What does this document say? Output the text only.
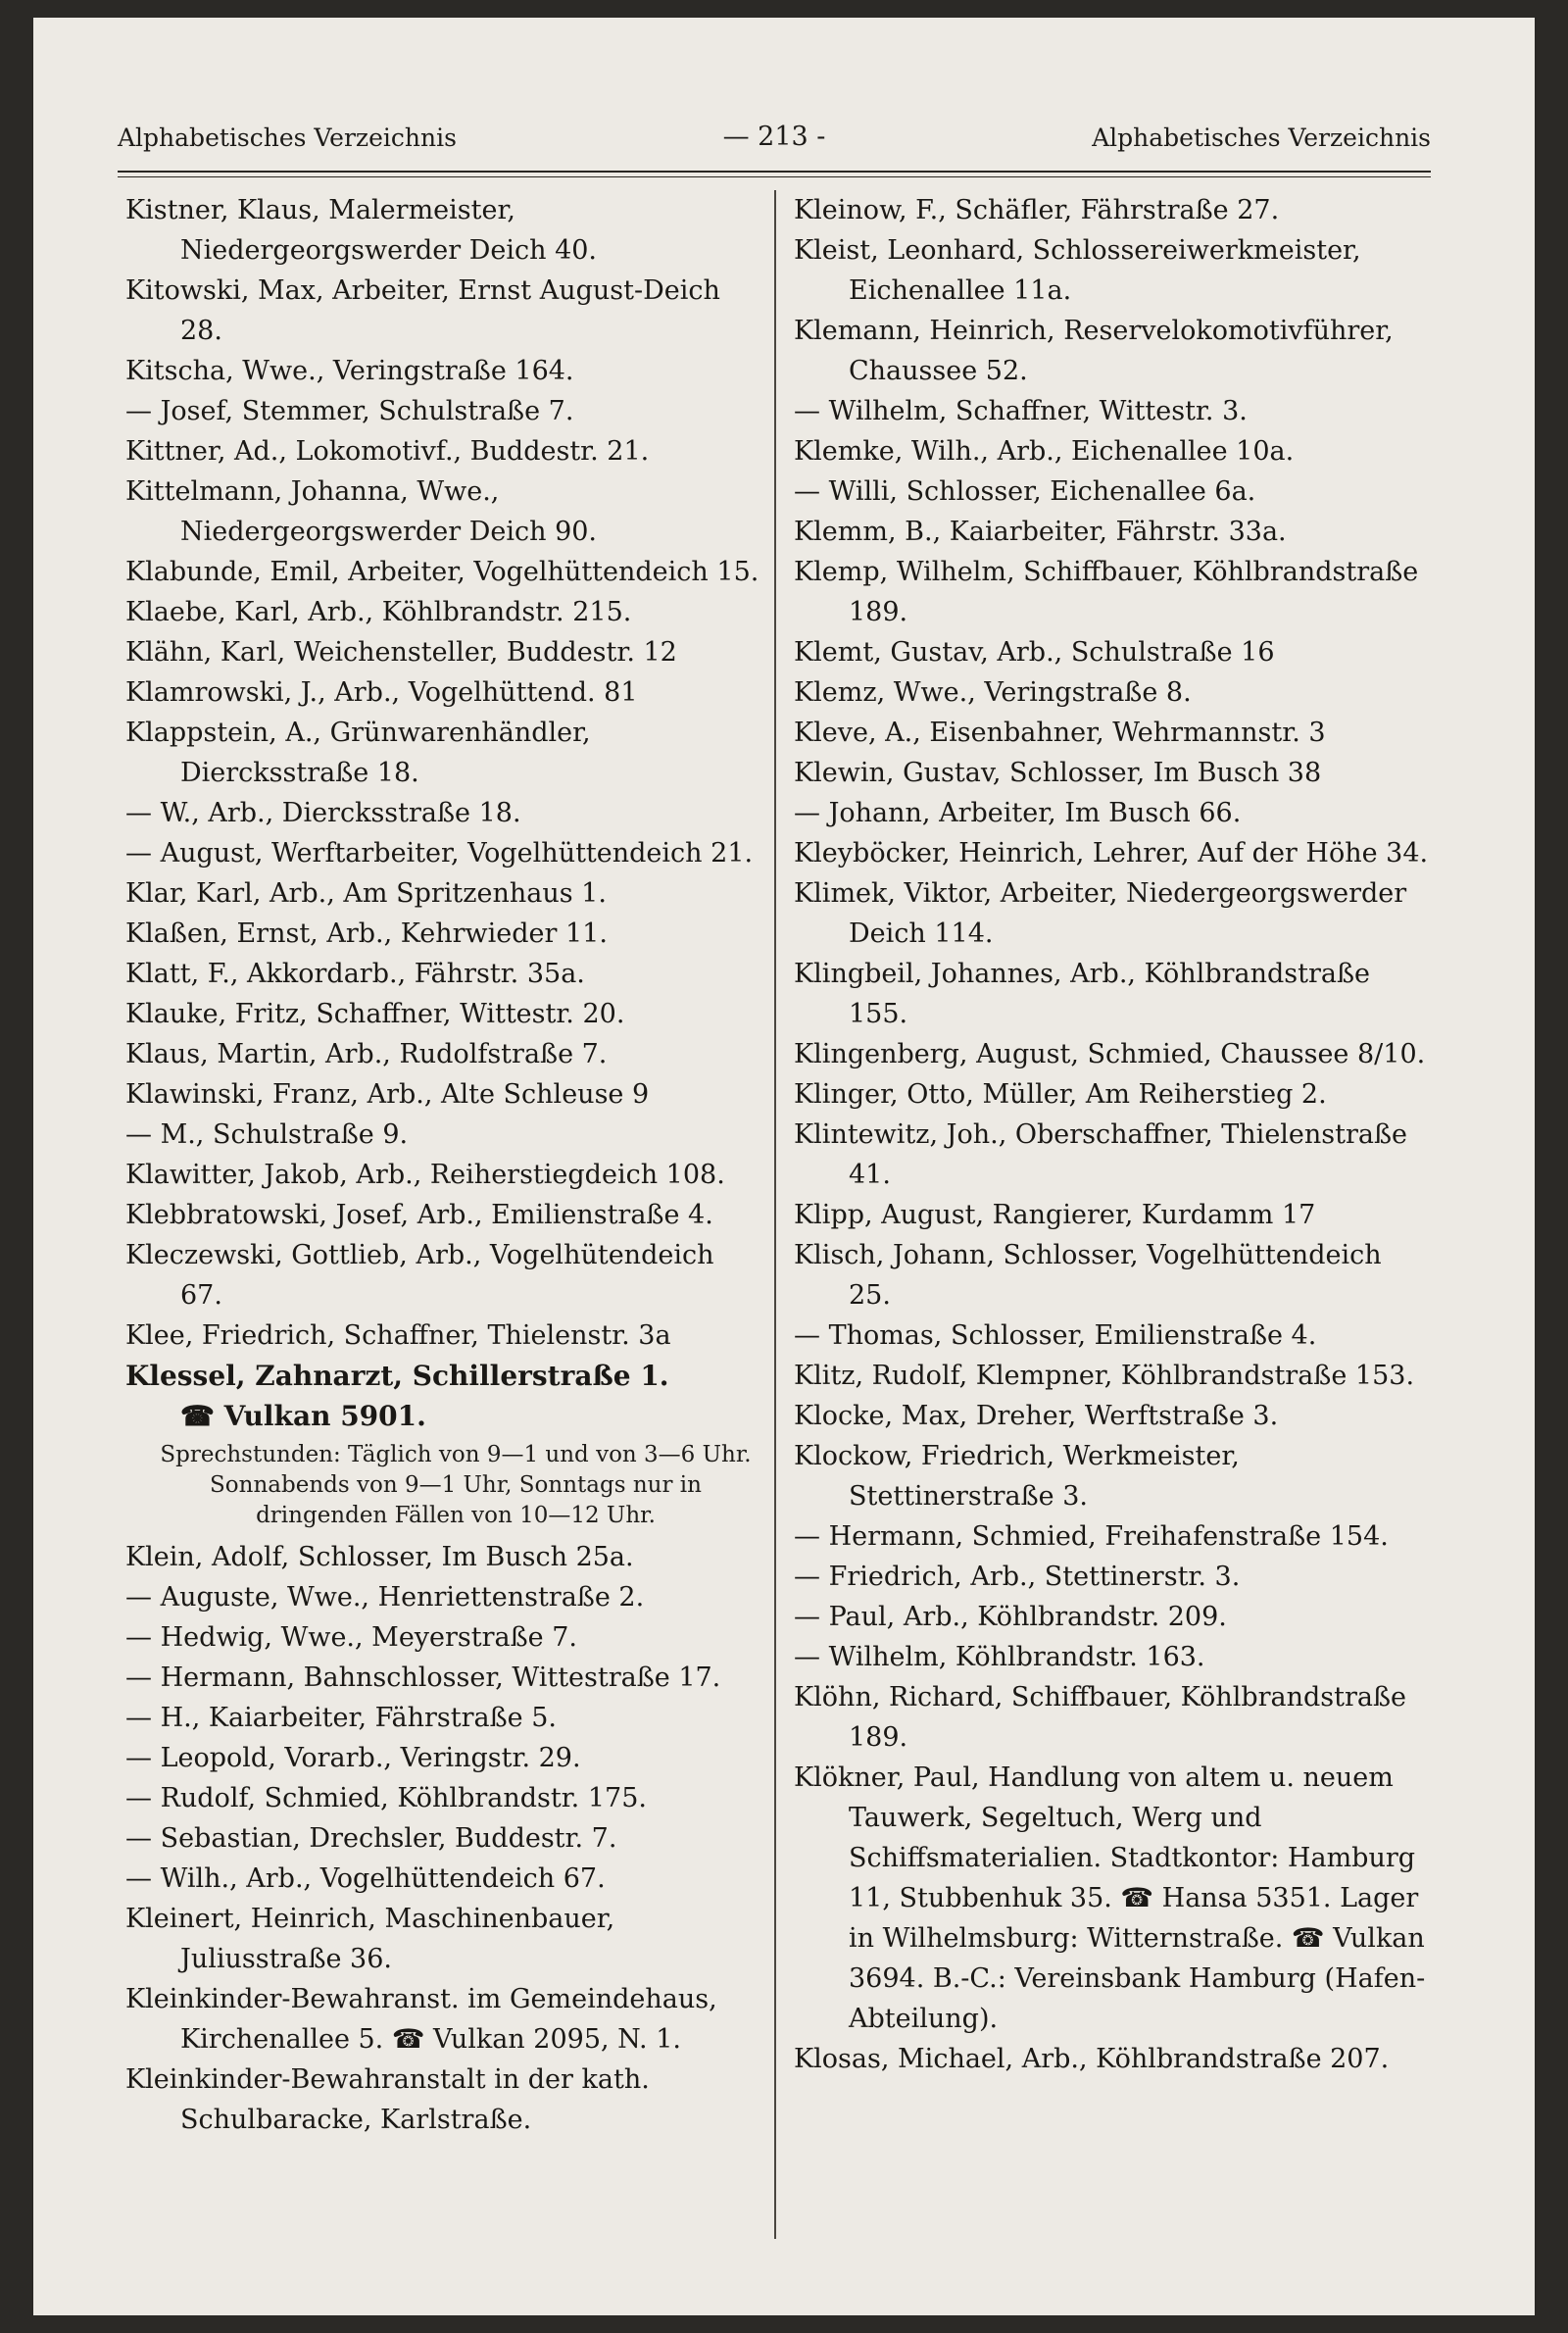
Alphabetisches Verzeichnis	— 213 -	Alphabetisches Verzeichnis

Kistner, Klaus, Malermeister, Niedergeorgswerder Deich 40.

Kitowski, Max, Arbeiter, Ernst August-Deich 28.

Kitscha, Wwe., Veringstraße 164.

— Josef, Stemmer, Schulstraße 7.

Kittner, Ad., Lokomotivf., Buddestr. 21.

Kittelmann, Johanna, Wwe., Niedergeorgswerder Deich 90.

Klabunde, Emil, Arbeiter, Vogelhüttendeich 15.

Klaebe, Karl, Arb., Köhlbrandstr. 215.

Klähn, Karl, Weichensteller, Buddestr. 12

Klamrowski, J., Arb., Vogelhüttend. 81

Klappstein, A., Grünwarenhändler, Diercksstraße 18.

— W., Arb., Diercksstraße 18.

— August, Werftarbeiter, Vogelhüttendeich 21.

Klar, Karl, Arb., Am Spritzenhaus 1.

Klaßen, Ernst, Arb., Kehrwieder 11.

Klatt, F., Akkordarb., Fährstr. 35a.

Klauke, Fritz, Schaffner, Wittestr. 20.

Klaus, Martin, Arb., Rudolfstraße 7.

Klawinski, Franz, Arb., Alte Schleuse 9

— M., Schulstraße 9.

Klawitter, Jakob, Arb., Reiherstiegdeich 108.

Klebbratowski, Josef, Arb., Emilienstraße 4.

Kleczewski, Gottlieb, Arb., Vogelhütendeich 67.

Klee, Friedrich, Schaffner, Thielenstr. 3a

Klessel, Zahnarzt, Schillerstraße 1.

☎ Vulkan 5901.

Sprechstunden: Täglich von 9—1 und von 3—6 Uhr. Sonnabends von 9—1 Uhr, Sonntags nur in dringenden Fällen von 10—12 Uhr.

Klein, Adolf, Schlosser, Im Busch 25a.

— Auguste, Wwe., Henriettenstraße 2.

— Hedwig, Wwe., Meyerstraße 7.

— Hermann, Bahnschlosser, Wittestraße 17.

— H., Kaiarbeiter, Fährstraße 5.

— Leopold, Vorarb., Veringstr. 29.

— Rudolf, Schmied, Köhlbrandstr. 175.

— Sebastian, Drechsler, Buddestr. 7.

— Wilh., Arb., Vogelhüttendeich 67.

Kleinert, Heinrich, Maschinenbauer, Juliusstraße 36.

Kleinkinder-Bewahranst. im Gemeindehaus, Kirchenallee 5. ☎ Vulkan 2095, N. 1.

Kleinkinder-Bewahranstalt in der kath. Schulbaracke, Karlstraße.

Kleinow, F., Schäfler, Fährstraße 27.

Kleist, Leonhard, Schlossereiwerkmeister, Eichenallee 11a.

Klemann, Heinrich, Reservelokomotivführer, Chaussee 52.

— Wilhelm, Schaffner, Wittestr. 3.

Klemke, Wilh., Arb., Eichenallee 10a.

— Willi, Schlosser, Eichenallee 6a.

Klemm, B., Kaiarbeiter, Fährstr. 33a.

Klemp, Wilhelm, Schiffbauer, Köhlbrandstraße 189.

Klemt, Gustav, Arb., Schulstraße 16

Klemz, Wwe., Veringstraße 8.

Kleve, A., Eisenbahner, Wehrmannstr. 3

Klewin, Gustav, Schlosser, Im Busch 38

— Johann, Arbeiter, Im Busch 66.

Kleyböcker, Heinrich, Lehrer, Auf der Höhe 34.

Klimek, Viktor, Arbeiter, Niedergeorgswerder Deich 114.

Klingbeil, Johannes, Arb., Köhlbrandstraße 155.

Klingenberg, August, Schmied, Chaussee 8/10.

Klinger, Otto, Müller, Am Reiherstieg 2.

Klintewitz, Joh., Oberschaffner, Thielenstraße 41.

Klipp, August, Rangierer, Kurdamm 17

Klisch, Johann, Schlosser, Vogelhüttendeich 25.

— Thomas, Schlosser, Emilienstraße 4.

Klitz, Rudolf, Klempner, Köhlbrandstraße 153.

Klocke, Max, Dreher, Werftstraße 3.

Klockow, Friedrich, Werkmeister, Stettinerstraße 3.

— Hermann, Schmied, Freihafenstraße 154.

— Friedrich, Arb., Stettinerstr. 3.

— Paul, Arb., Köhlbrandstr. 209.

— Wilhelm, Köhlbrandstr. 163.

Klöhn, Richard, Schiffbauer, Köhlbrandstraße 189.

Klökner, Paul, Handlung von altem u. neuem Tauwerk, Segeltuch, Werg und Schiffsmaterialien. Stadtkontor: Hamburg 11, Stubbenhuk 35. ☎ Hansa 5351. Lager in Wilhelmsburg: Witternstraße. ☎ Vulkan 3694. B.-C.: Vereinsbank Hamburg (Hafen-Abteilung).

Klosas, Michael, Arb., Köhlbrandstraße 207.
